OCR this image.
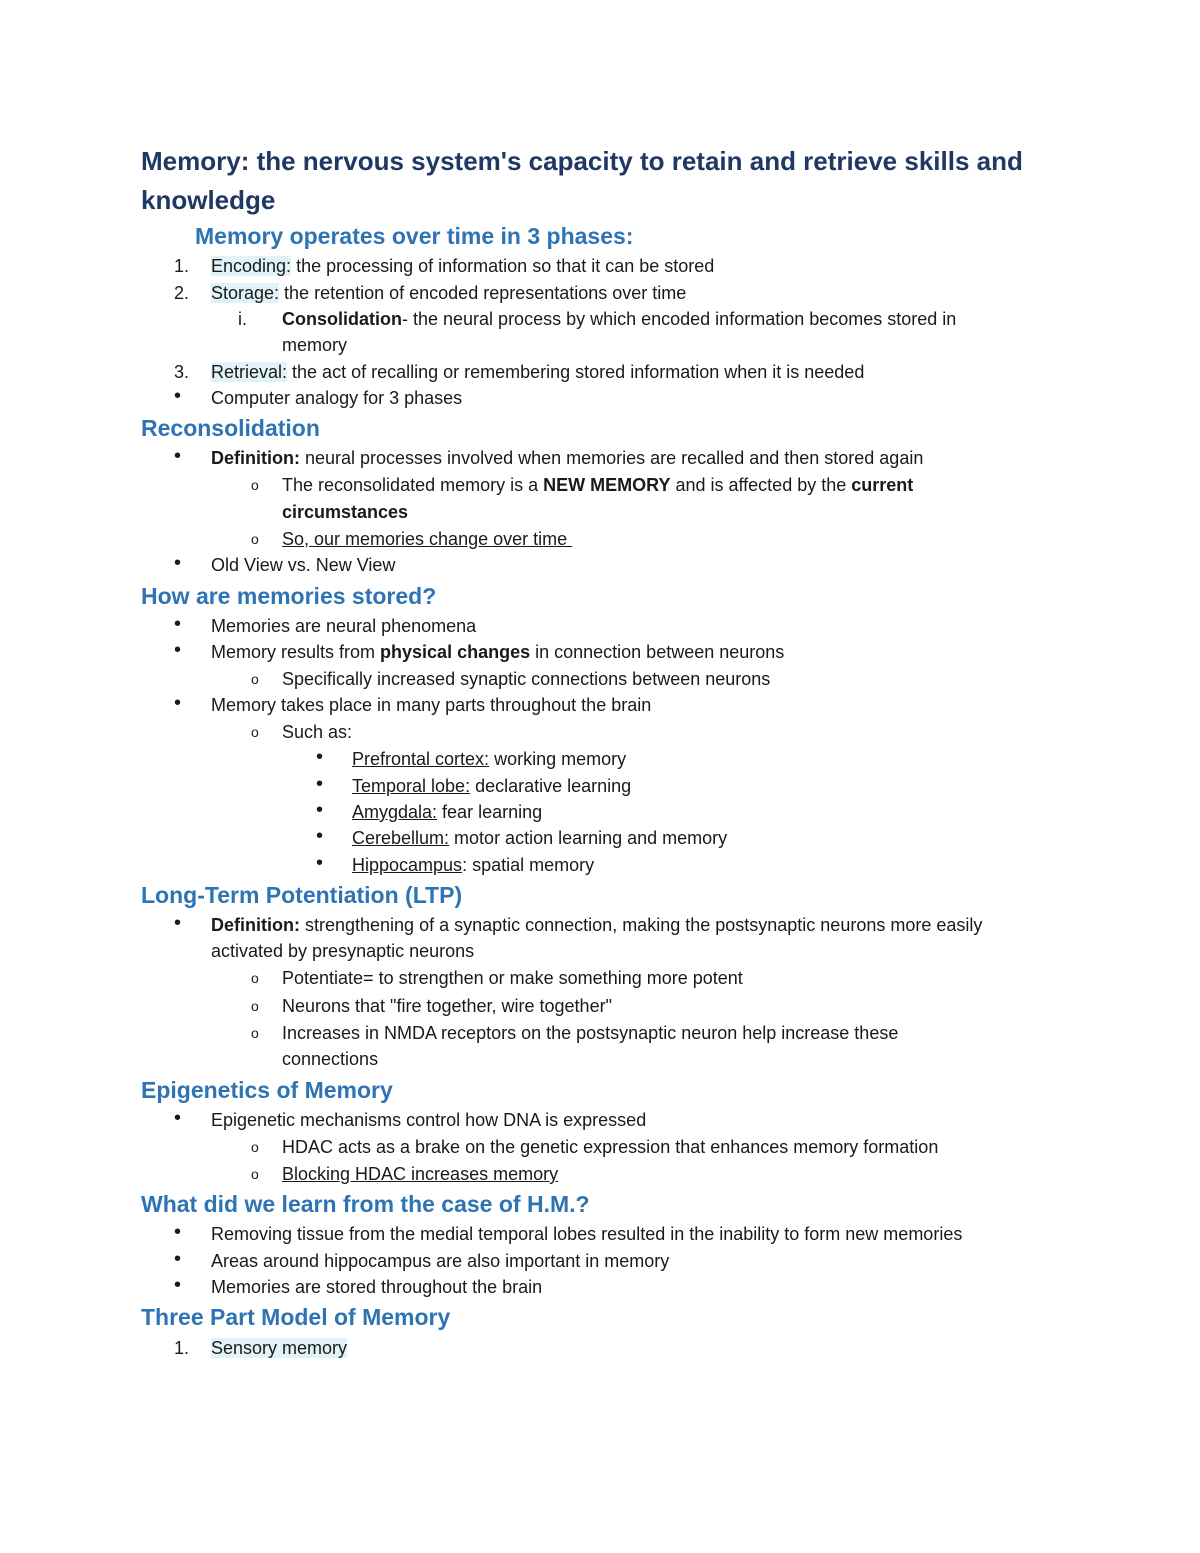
Memory: the nervous system's capacity to retain and retrieve skills and knowledge
Memory operates over time in 3 phases:
1. Encoding: the processing of information so that it can be stored
2. Storage: the retention of encoded representations over time
i. Consolidation- the neural process by which encoded information becomes stored in
memory
3. Retrieval: the act of recalling or remembering stored information when it is needed
• Computer analogy for 3 phases
Reconsolidation
• Definition: neural processes involved when memories are recalled and then stored again
o The reconsolidated memory is a NEW MEMORY and is affected by the current
circumstances
o So, our memories change over time
• Old View vs. New View
How are memories stored?
• Memories are neural phenomena
• Memory results from physical changes in connection between neurons
o Specifically increased synaptic connections between neurons
• Memory takes place in many parts throughout the brain
o Such as:
• Prefrontal cortex: working memory
• Temporal lobe: declarative learning
• Amygdala: fear learning
• Cerebellum: motor action learning and memory
• Hippocampus: spatial memory
Long-Term Potentiation (LTP)
• Definition: strengthening of a synaptic connection, making the postsynaptic neurons more easily
activated by presynaptic neurons
o Potentiate= to strengthen or make something more potent
o Neurons that "fire together, wire together"
o Increases in NMDA receptors on the postsynaptic neuron help increase these
connections
Epigenetics of Memory
• Epigenetic mechanisms control how DNA is expressed
o HDAC acts as a brake on the genetic expression that enhances memory formation
o Blocking HDAC increases memory
What did we learn from the case of H.M.?
• Removing tissue from the medial temporal lobes resulted in the inability to form new memories
• Areas around hippocampus are also important in memory
• Memories are stored throughout the brain
Three Part Model of Memory
1. Sensory memory
